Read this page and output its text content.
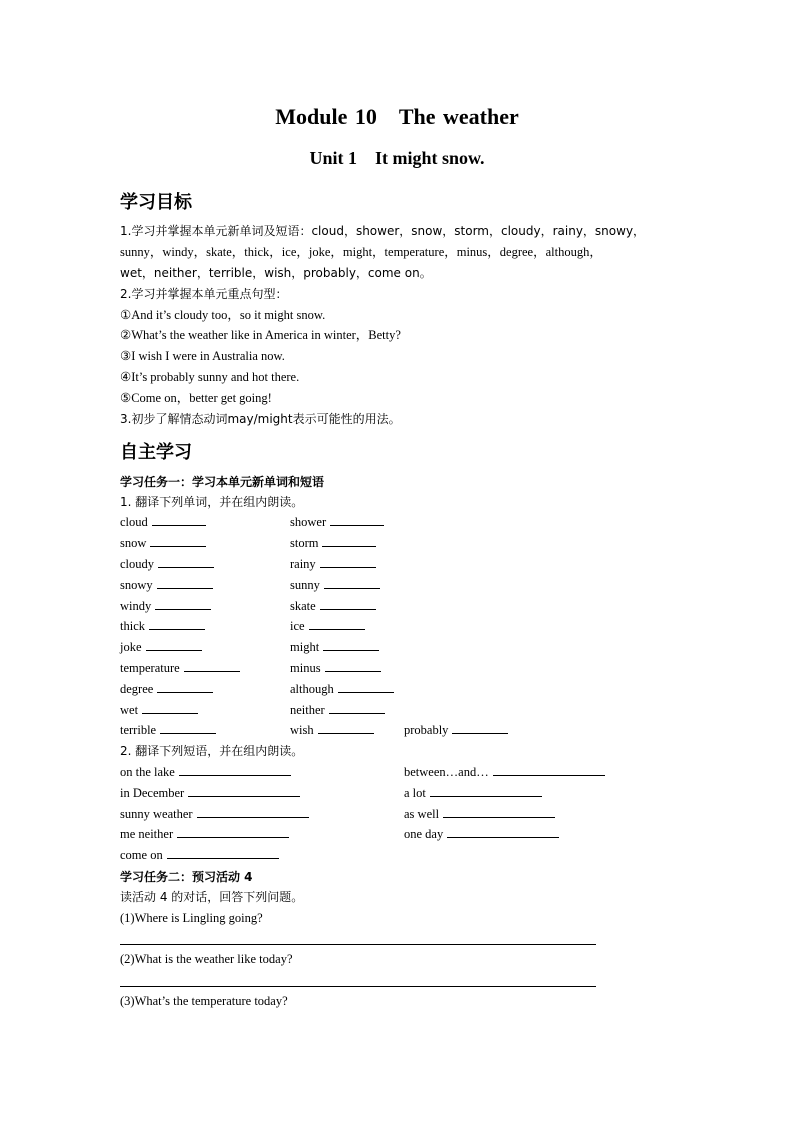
Module 10 The weather
Unit 1 It might snow.
学习目标
1.学习并掌握本单元新单词及短语：cloud，shower，snow，storm，cloudy，rainy，snowy，
sunny，windy，skate，thick，ice，joke，might，temperature，minus，degree，although，
wet，neither，terrible，wish，probably，come on。
2.学习并掌握本单元重点句型：
①And it’s cloudy too，so it might snow.
②What’s the weather like in America in winter，Betty?
③I wish I were in Australia now.
④It’s probably sunny and hot there.
⑤Come on，better get going!
3.初步了解情态动词may/might表示可能性的用法。
自主学习
学习任务一：学习本单元新单词和短语
1. 翻译下列单词，并在组内朗读。
cloud	shower
snow	storm
cloudy	rainy
snowy	sunny
windy	skate
thick	ice
joke	might
temperature	minus
degree	although
wet	neither
terrible	wish	probably
2. 翻译下列短语，并在组内朗读。
on the lake	between…and…
in December	a lot
sunny weather	as well
me neither	one day
come on
学习任务二：预习活动 4
读活动 4 的对话，回答下列问题。
(1)Where is Lingling going?
(2)What is the weather like today?
(3)What’s the temperature today?
